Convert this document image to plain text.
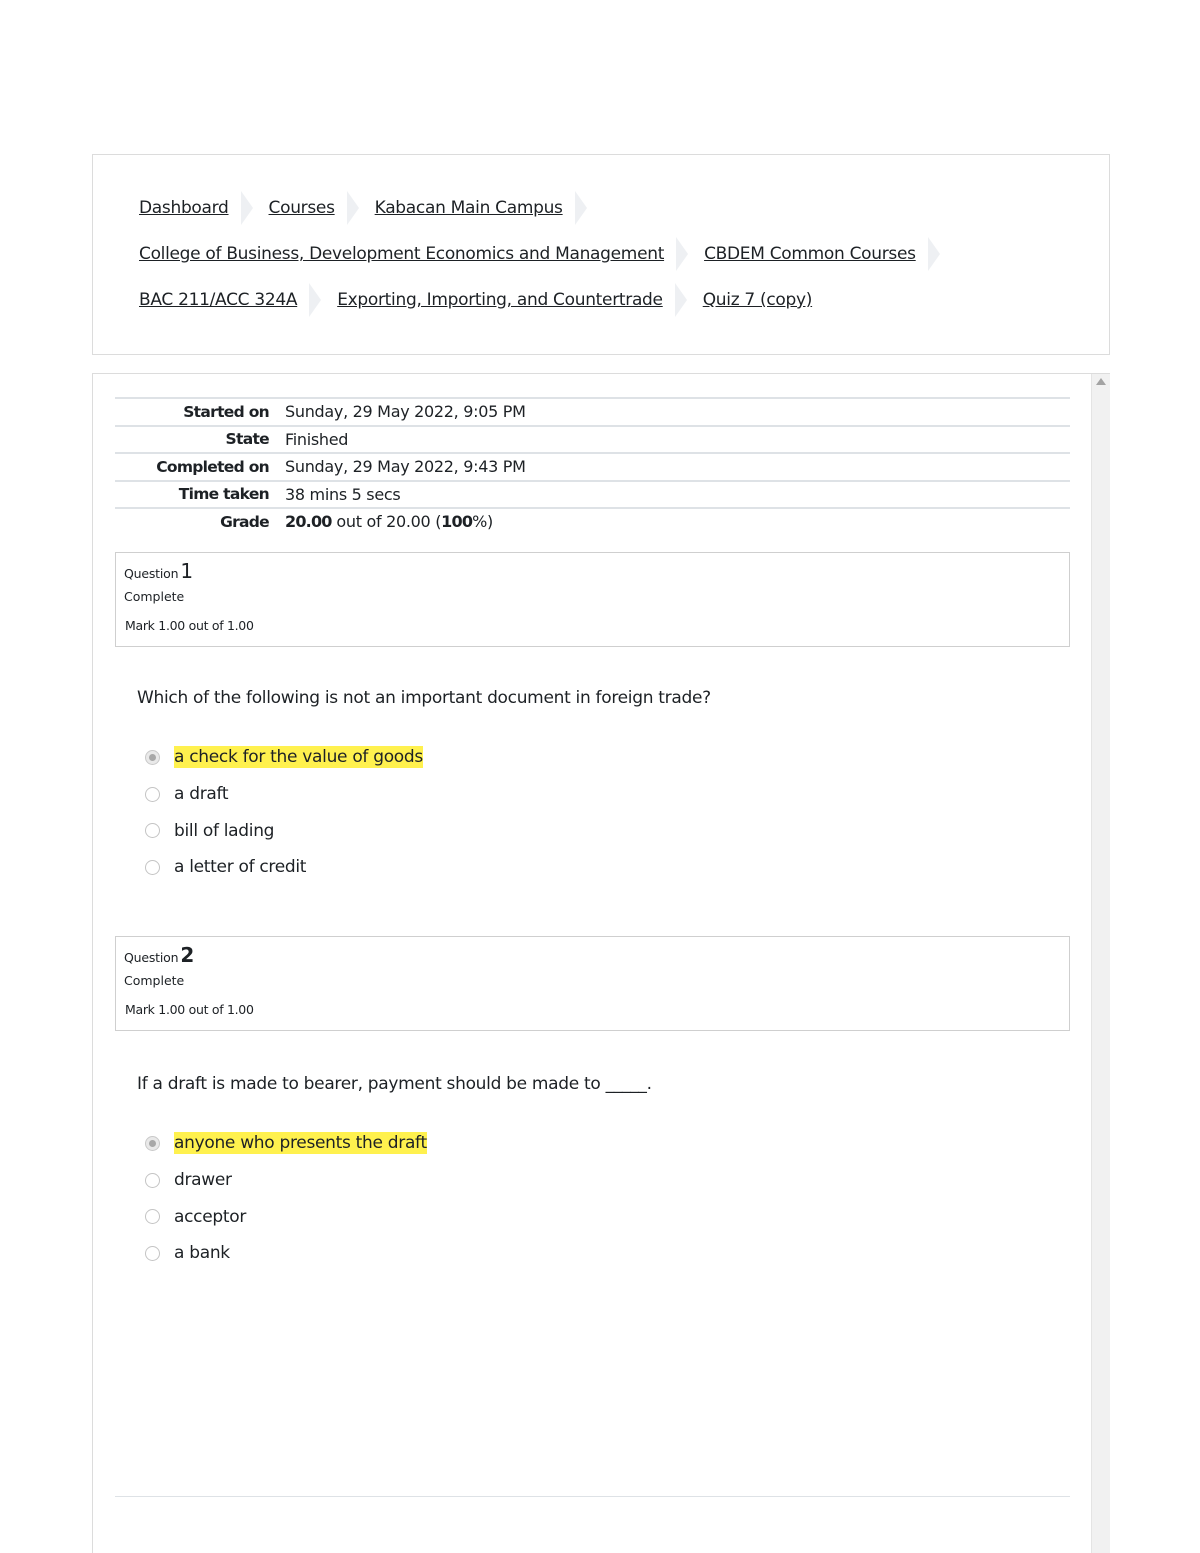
Dashboard Courses Kabacan Main Campus
College of Business, Development Economics and Management CBDEM Common Courses
BAC 211/ACC 324A Exporting, Importing, and Countertrade Quiz 7 (copy)
Started on	Sunday, 29 May 2022, 9:05 PM
State	Finished
Completed on	Sunday, 29 May 2022, 9:43 PM
Time taken	38 mins 5 secs
Grade	20.00 out of 20.00 (100%)
Question 1
Complete
Mark 1.00 out of 1.00
Which of the following is not an important document in foreign trade?
a check for the value of goods
a draft
bill of lading
a letter of credit
Question 2
Complete
Mark 1.00 out of 1.00
If a draft is made to bearer, payment should be made to _____.
anyone who presents the draft
drawer
acceptor
a bank
